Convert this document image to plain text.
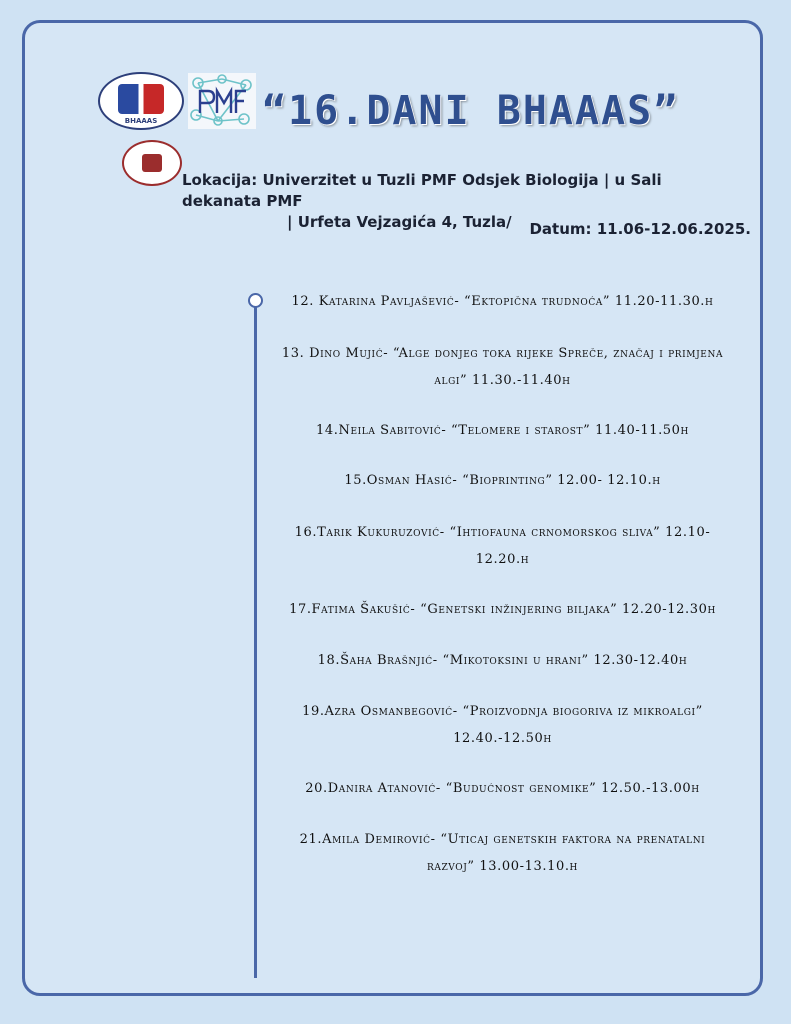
BHAAAS	“16.DANI BHAAAS”
Lokacija: Univerzitet u Tuzli PMF Odsjek Biologija | u Sali dekanata PMF
| Urfeta Vejzagića 4, Tuzla/	Datum: 11.06-12.06.2025.
12. Katarina Pavljašević- “Ektopična trudnoća” 11.20-11.30.h
13. Dino Mujić- “Alge donjeg toka rijeke Spreče, značaj i primjena
algi” 11.30.-11.40h
14.Neila Sabitović- “Telomere i starost” 11.40-11.50h
15.Osman Hasić- “Bioprinting” 12.00- 12.10.h
16.Tarik Kukuruzović- “Ihtiofauna crnomorskog sliva” 12.10-
12.20.h
17.Fatima Šakušić- “Genetski inžinjering biljaka” 12.20-12.30h
18.Šaha Brašnjić- “Mikotoksini u hrani” 12.30-12.40h
19.Azra Osmanbegović- “Proizvodnja biogoriva iz mikroalgi”
12.40.-12.50h
20.Danira Atanović- “Budućnost genomike” 12.50.-13.00h
21.Amila Demirović- “Uticaj genetskih faktora na prenatalni
razvoj” 13.00-13.10.h
